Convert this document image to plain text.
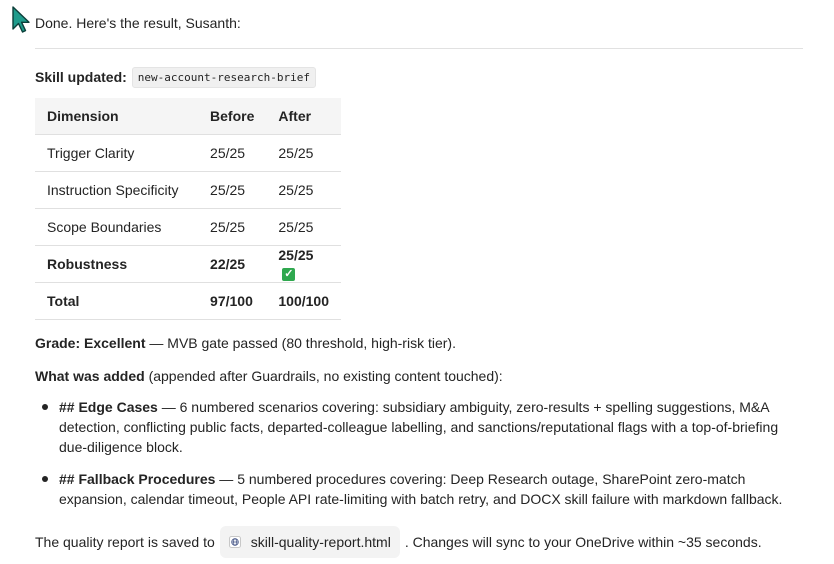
Done. Here's the result, Susanth:
Skill updated:	new-account-research-brief
Dimension	Before	After
Trigger Clarity	25/25	25/25
Instruction Specificity	25/25	25/25
Scope Boundaries	25/25	25/25
Robustness	22/25	25/25✓
Total	97/100	100/100
Grade: Excellent — MVB gate passed (80 threshold, high-risk tier).
What was added (appended after Guardrails, no existing content touched):
## Edge Cases — 6 numbered scenarios covering: subsidiary ambiguity, zero-results + spelling suggestions, M&A detection, conflicting public facts, departed-colleague labelling, and sanctions/reputational flags with a top-of-briefing due-diligence block.
## Fallback Procedures — 5 numbered procedures covering: Deep Research outage, SharePoint zero-match expansion, calendar timeout, People API rate-limiting with batch retry, and DOCX skill failure with markdown fallback.
The quality report is saved to	skill-quality-report.html . Changes will sync to your OneDrive within ~35 seconds.
